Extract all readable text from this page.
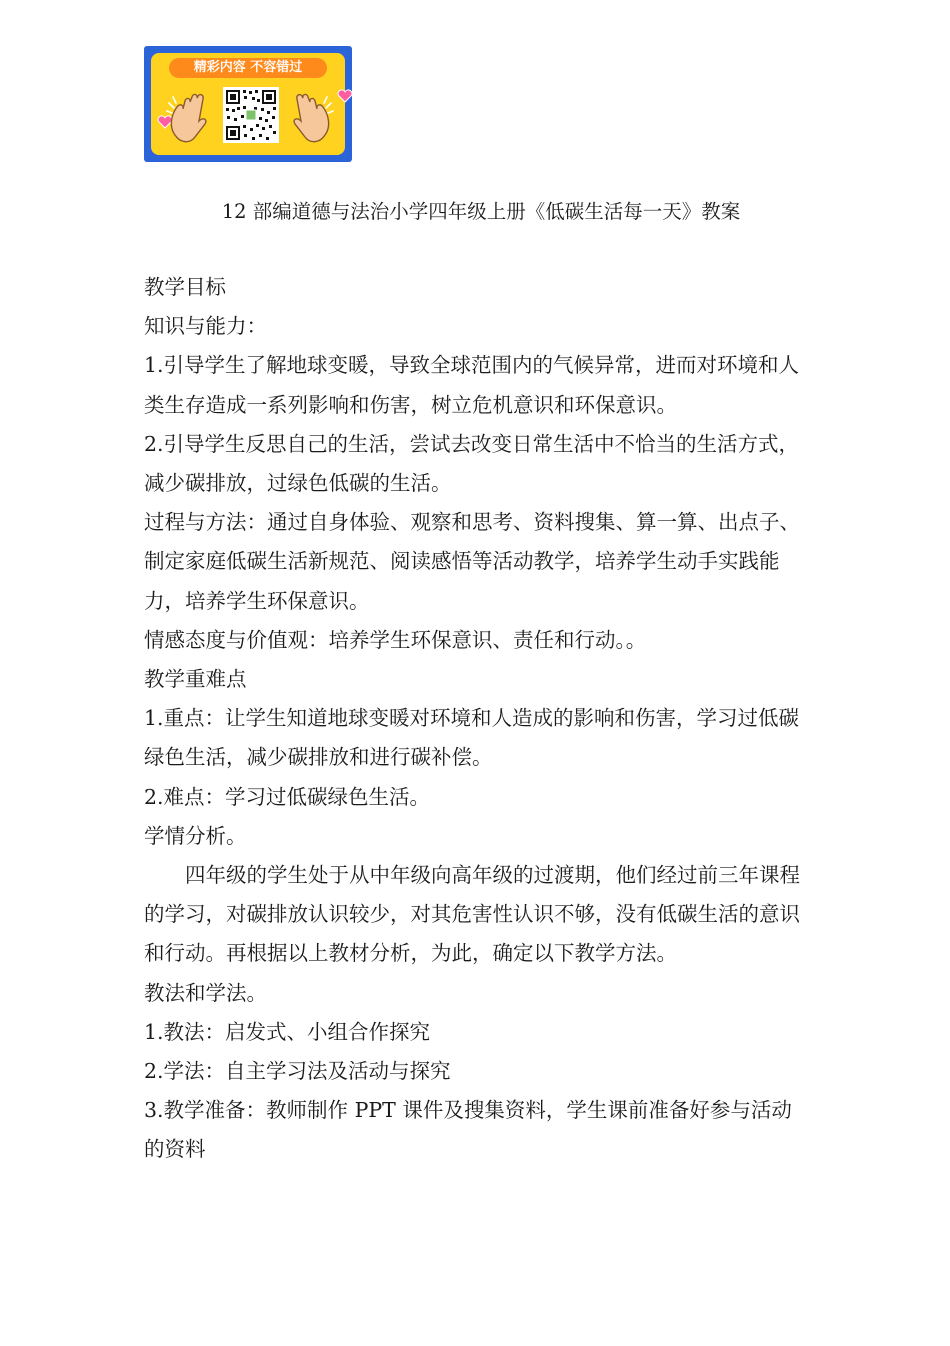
精彩内容 不容错过
12 部编道德与法治小学四年级上册《低碳生活每一天》教案

教学目标

知识与能力：

1.引导学生了解地球变暖，导致全球范围内的气候异常，进而对环境和人类生存造成一系列影响和伤害，树立危机意识和环保意识。

2.引导学生反思自己的生活，尝试去改变日常生活中不恰当的生活方式，减少碳排放，过绿色低碳的生活。

过程与方法：通过自身体验、观察和思考、资料搜集、算一算、出点子、制定家庭低碳生活新规范、阅读感悟等活动教学，培养学生动手实践能力，培养学生环保意识。

情感态度与价值观：培养学生环保意识、责任和行动。。

教学重难点

1.重点：让学生知道地球变暖对环境和人造成的影响和伤害，学习过低碳绿色生活，减少碳排放和进行碳补偿。

2.难点：学习过低碳绿色生活。

学情分析。

四年级的学生处于从中年级向高年级的过渡期，他们经过前三年课程的学习，对碳排放认识较少，对其危害性认识不够，没有低碳生活的意识和行动。再根据以上教材分析，为此，确定以下教学方法。

教法和学法。

1.教法：启发式、小组合作探究

2.学法：自主学习法及活动与探究

3.教学准备：教师制作 PPT 课件及搜集资料，学生课前准备好参与活动的资料
